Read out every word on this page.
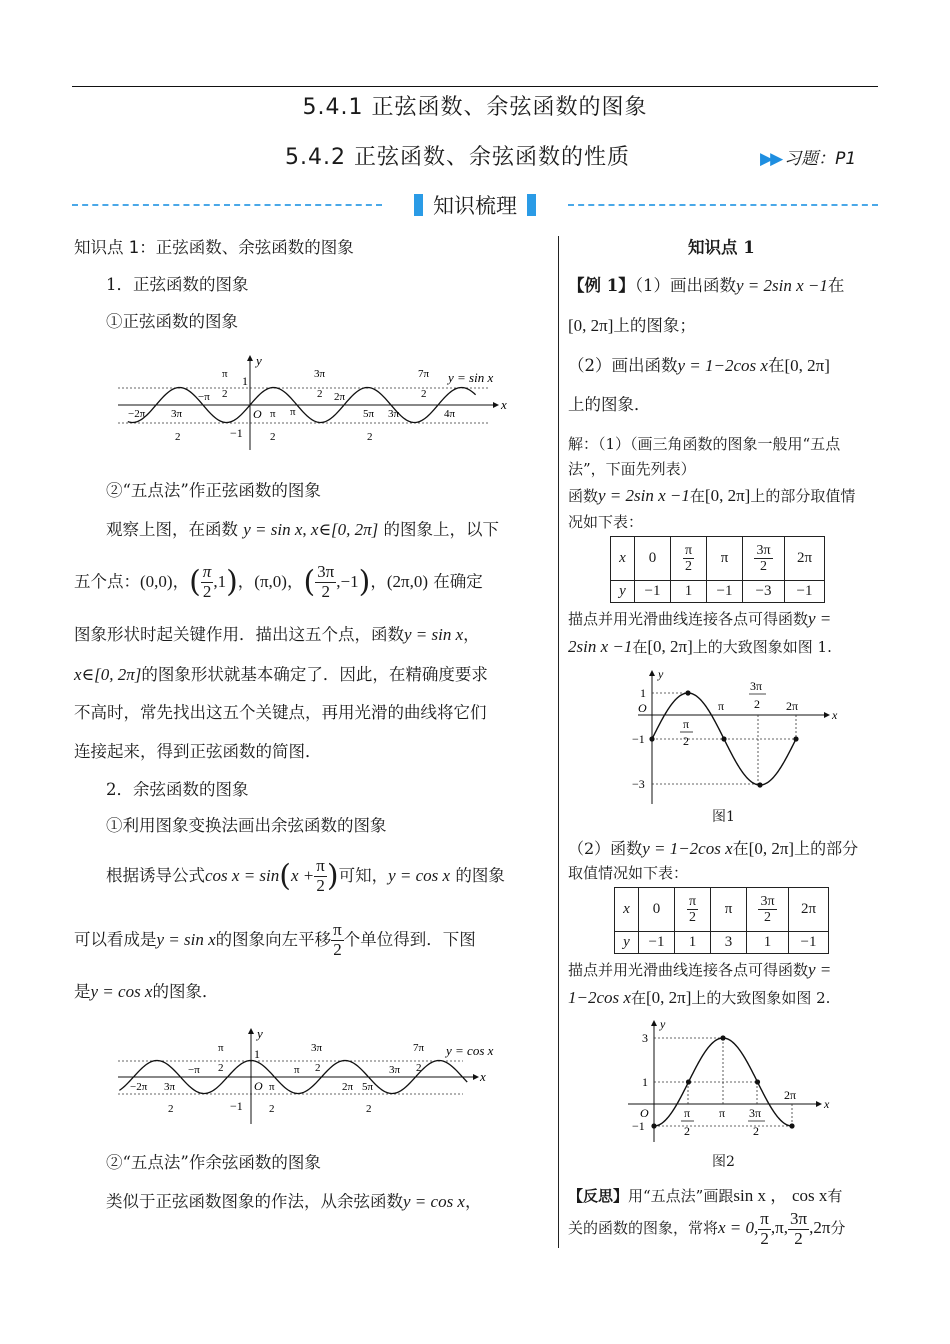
5.4.1 正弦函数、余弦函数的图象
5.4.2 正弦函数、余弦函数的性质	▶▶ 习题：P1
知识梳理
知识点 1：正弦函数、余弦函数的图象
1．正弦函数的图象
①正弦函数的图象
y
x
1
−1
O
y = sin x
π
2
−π
3π
2 2π
7π
2
−2π 3π
2
π
2
π	5π
2
3π	4π
②“五点法”作正弦函数的图象
观察上图，在函数 y = sin x, x∈[0, 2π] 的图象上，以下
五个点：(0,0)，( $\frac{\pi}{2} ,1$)，(π,0)，( $\frac{3\pi}{2} ,-1$)，(2π,0) 在确定
图象形状时起关键作用．描出这五个点，函数y = sin x，
x∈[0, 2π]的图象形状就基本确定了．因此，在精确度要求
不高时，常先找出这五个关键点，再用光滑的曲线将它们
连接起来，得到正弦函数的简图．
2．余弦函数的图象
①利用图象变换法画出余弦函数的图象
根据诱导公式$\cos x = \sin(x + \frac{\pi}{2}$ )可知，y = cos x 的图象
可以看成是y = sin x的图象向左平移 $\frac{\pi}{2}$ 个单位得到．下图
是y = cos x的图象．
y
x
1
−1
O
y = cos x
π
2
−π
3π
2
π
7π
2
3π
−2π 3π
2
π
2
2π 5π
2
②“五点法”作余弦函数的图象
类似于正弦函数图象的作法，从余弦函数y = cos x，
知识点 1
【例 1】（1）画出函数y = 2sin x −1在
[0, 2π]上的图象；
（2）画出函数y = 1−2cos x在[0, 2π]
上的图象．
解：（1）（画三角函数的图象一般用“五点
法”，下面先列表）
函数y = 2sin x −1在[0, 2π]上的部分取值情
况如下表：
x	0	$\frac{\pi}{2}$	π	$\frac{3\pi}{2}$	2π
y	−1	1	−1	−3	−1
描点并用光滑曲线连接各点可得函数y =
2sin x −1在[0, 2π]上的大致图象如图 1.
y
x
O
1
−1
−3
π
2
π
3π
2 2π
图1
（2）函数y = 1−2cos x在[0, 2π]上的部分
取值情况如下表：
x	0	$\frac{\pi}{2}$	π	$\frac{3\pi}{2}$	2π
y	−1	1	3	1	−1
描点并用光滑曲线连接各点可得函数y =
1−2cos x在[0, 2π]上的大致图象如图 2.
y
x
O
3
1
−1
π
2
π 3π
2
2π
图2
【反思】用“五点法”画跟sin x ， cos x有
关的函数的图象，常将x = 0, $\frac{\pi}{2} ,\pi$, $\frac{3\pi}{2} ,2\pi$分
